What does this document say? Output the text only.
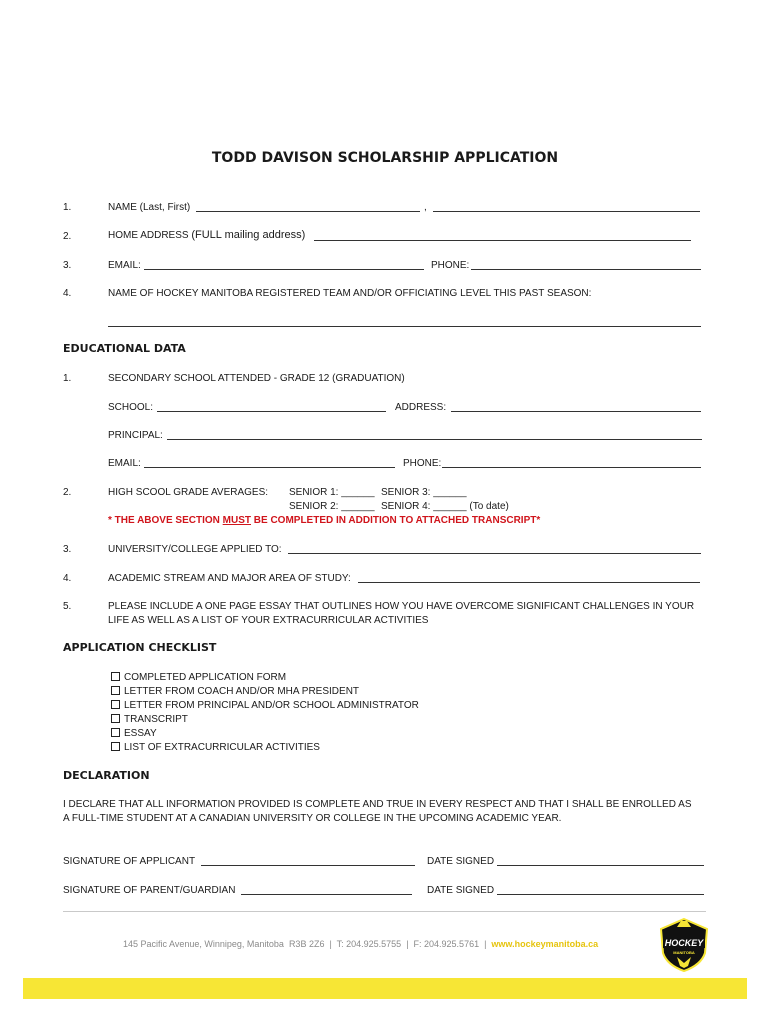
TODD DAVISON SCHOLARSHIP APPLICATION
1.	NAME (Last, First)	,
2.	HOME ADDRESS (FULL mailing address)
3.	EMAIL:	PHONE:
4.	NAME OF HOCKEY MANITOBA REGISTERED TEAM AND/OR OFFICIATING LEVEL THIS PAST SEASON:
EDUCATIONAL DATA
1.	SECONDARY SCHOOL ATTENDED - GRADE 12 (GRADUATION)
SCHOOL:	ADDRESS:
PRINCIPAL:
EMAIL:	PHONE:
2.	HIGH SCOOL GRADE AVERAGES: SENIOR 1: ______ SENIOR 3: ______
SENIOR 2: ______ SENIOR 4: ______ (To date)
* THE ABOVE SECTION MUST BE COMPLETED IN ADDITION TO ATTACHED TRANSCRIPT*
3.	UNIVERSITY/COLLEGE APPLIED TO:
4.	ACADEMIC STREAM AND MAJOR AREA OF STUDY:
5.	PLEASE INCLUDE A ONE PAGE ESSAY THAT OUTLINES HOW YOU HAVE OVERCOME SIGNIFICANT CHALLENGES IN YOUR
LIFE AS WELL AS A LIST OF YOUR EXTRACURRICULAR ACTIVITIES
APPLICATION CHECKLIST
COMPLETED APPLICATION FORM
LETTER FROM COACH AND/OR MHA PRESIDENT
LETTER FROM PRINCIPAL AND/OR SCHOOL ADMINISTRATOR
TRANSCRIPT
ESSAY
LIST OF EXTRACURRICULAR ACTIVITIES
DECLARATION
I DECLARE THAT ALL INFORMATION PROVIDED IS COMPLETE AND TRUE IN EVERY RESPECT AND THAT I SHALL BE ENROLLED AS
A FULL-TIME STUDENT AT A CANADIAN UNIVERSITY OR COLLEGE IN THE UPCOMING ACADEMIC YEAR.
SIGNATURE OF APPLICANT	DATE SIGNED
SIGNATURE OF PARENT/GUARDIAN	DATE SIGNED
145 Pacific Avenue, Winnipeg, Manitoba  R3B 2Z6  |  T: 204.925.5755  |  F: 204.925.5761  |  www.hockeymanitoba.ca	HOCKEY
MANITOBA
